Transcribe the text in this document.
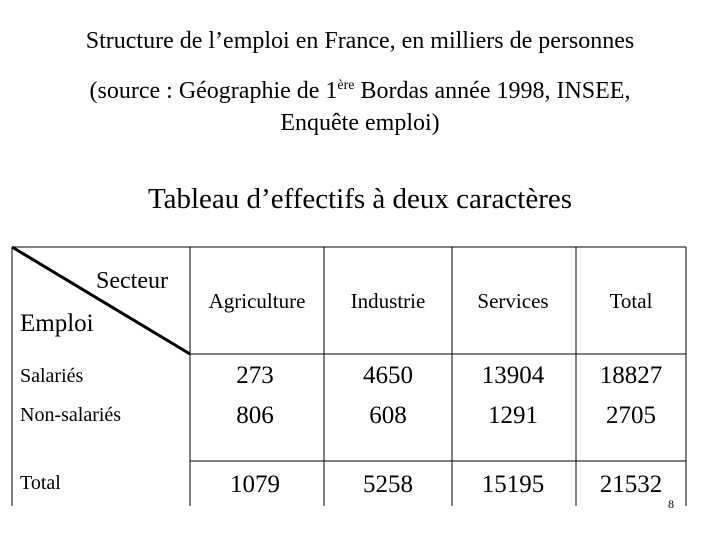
Structure de l’emploi en France, en milliers de personnes
(source : Géographie de 1ère Bordas année 1998, INSEE,
Enquête emploi)
Tableau d’effectifs à deux caractères
Secteur
Emploi
Agriculture	Industrie	Services	Total
Salariés	273	4650	13904	18827
Non-salariés	806	608	1291	2705
Total	1079	5258	15195	21532
8
